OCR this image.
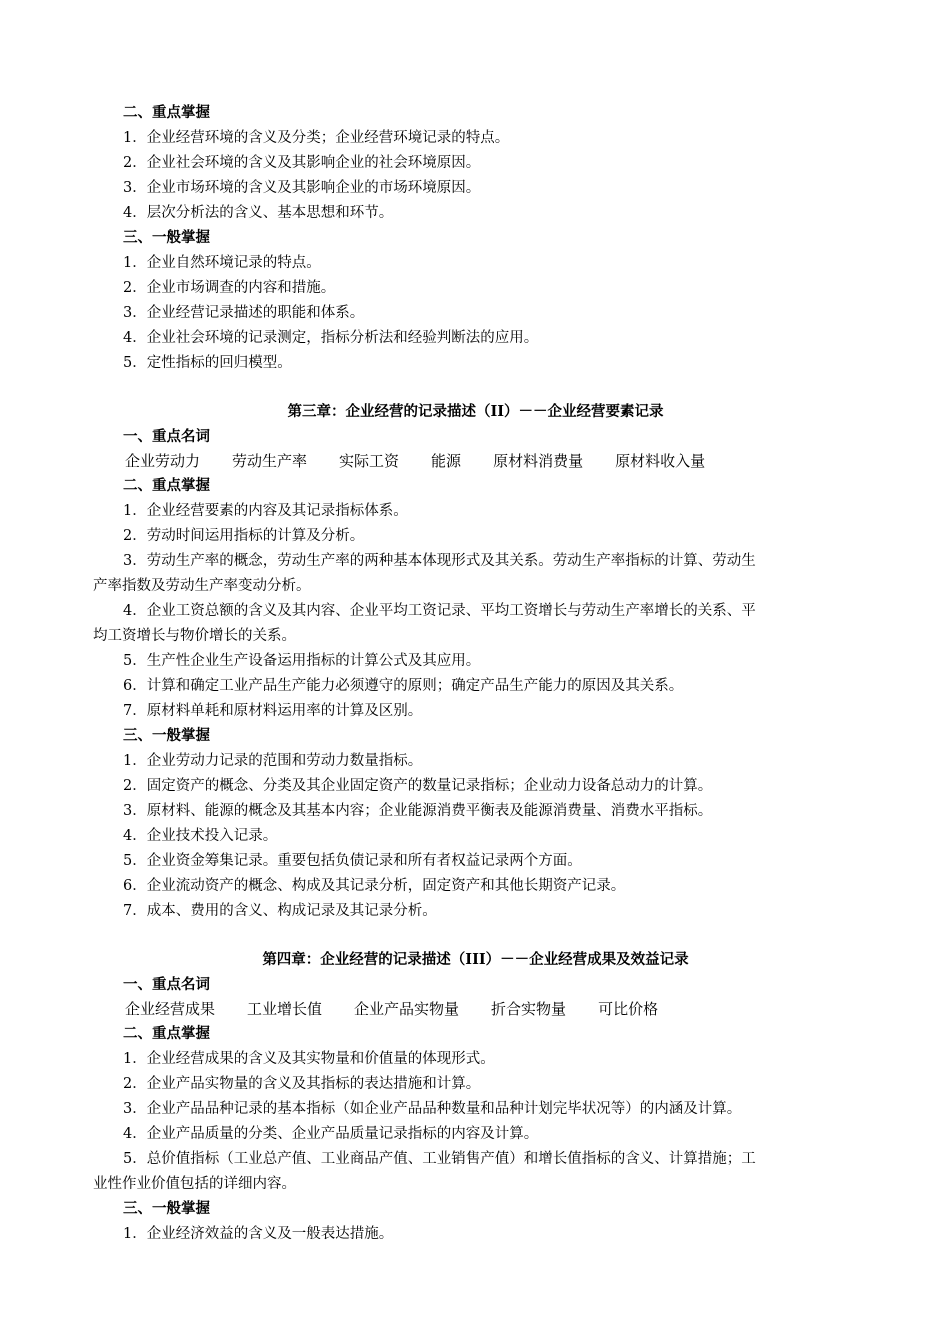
二、重点掌握
1．企业经营环境的含义及分类；企业经营环境记录的特点。
2．企业社会环境的含义及其影响企业的社会环境原因。
3．企业市场环境的含义及其影响企业的市场环境原因。
4．层次分析法的含义、基本思想和环节。
三、一般掌握
1．企业自然环境记录的特点。
2．企业市场调查的内容和措施。
3．企业经营记录描述的职能和体系。
4．企业社会环境的记录测定，指标分析法和经验判断法的应用。
5．定性指标的回归模型。
第三章：企业经营的记录描述（II）－－企业经营要素记录
一、重点名词
企业劳动力 劳动生产率 实际工资 能源 原材料消费量 原材料收入量
二、重点掌握
1．企业经营要素的内容及其记录指标体系。
2．劳动时间运用指标的计算及分析。
3．劳动生产率的概念，劳动生产率的两种基本体现形式及其关系。劳动生产率指标的计算、劳动生
产率指数及劳动生产率变动分析。
4．企业工资总额的含义及其内容、企业平均工资记录、平均工资增长与劳动生产率增长的关系、平
均工资增长与物价增长的关系。
5．生产性企业生产设备运用指标的计算公式及其应用。
6．计算和确定工业产品生产能力必须遵守的原则；确定产品生产能力的原因及其关系。
7．原材料单耗和原材料运用率的计算及区别。
三、一般掌握
1．企业劳动力记录的范围和劳动力数量指标。
2．固定资产的概念、分类及其企业固定资产的数量记录指标；企业动力设备总动力的计算。
3．原材料、能源的概念及其基本内容；企业能源消费平衡表及能源消费量、消费水平指标。
4．企业技术投入记录。
5．企业资金筹集记录。重要包括负债记录和所有者权益记录两个方面。
6．企业流动资产的概念、构成及其记录分析，固定资产和其他长期资产记录。
7．成本、费用的含义、构成记录及其记录分析。
第四章：企业经营的记录描述（III）－－企业经营成果及效益记录
一、重点名词
企业经营成果 工业增长值 企业产品实物量 折合实物量 可比价格
二、重点掌握
1．企业经营成果的含义及其实物量和价值量的体现形式。
2．企业产品实物量的含义及其指标的表达措施和计算。
3．企业产品品种记录的基本指标（如企业产品品种数量和品种计划完毕状况等）的内涵及计算。
4．企业产品质量的分类、企业产品质量记录指标的内容及计算。
5．总价值指标（工业总产值、工业商品产值、工业销售产值）和增长值指标的含义、计算措施；工
业性作业价值包括的详细内容。
三、一般掌握
1．企业经济效益的含义及一般表达措施。
